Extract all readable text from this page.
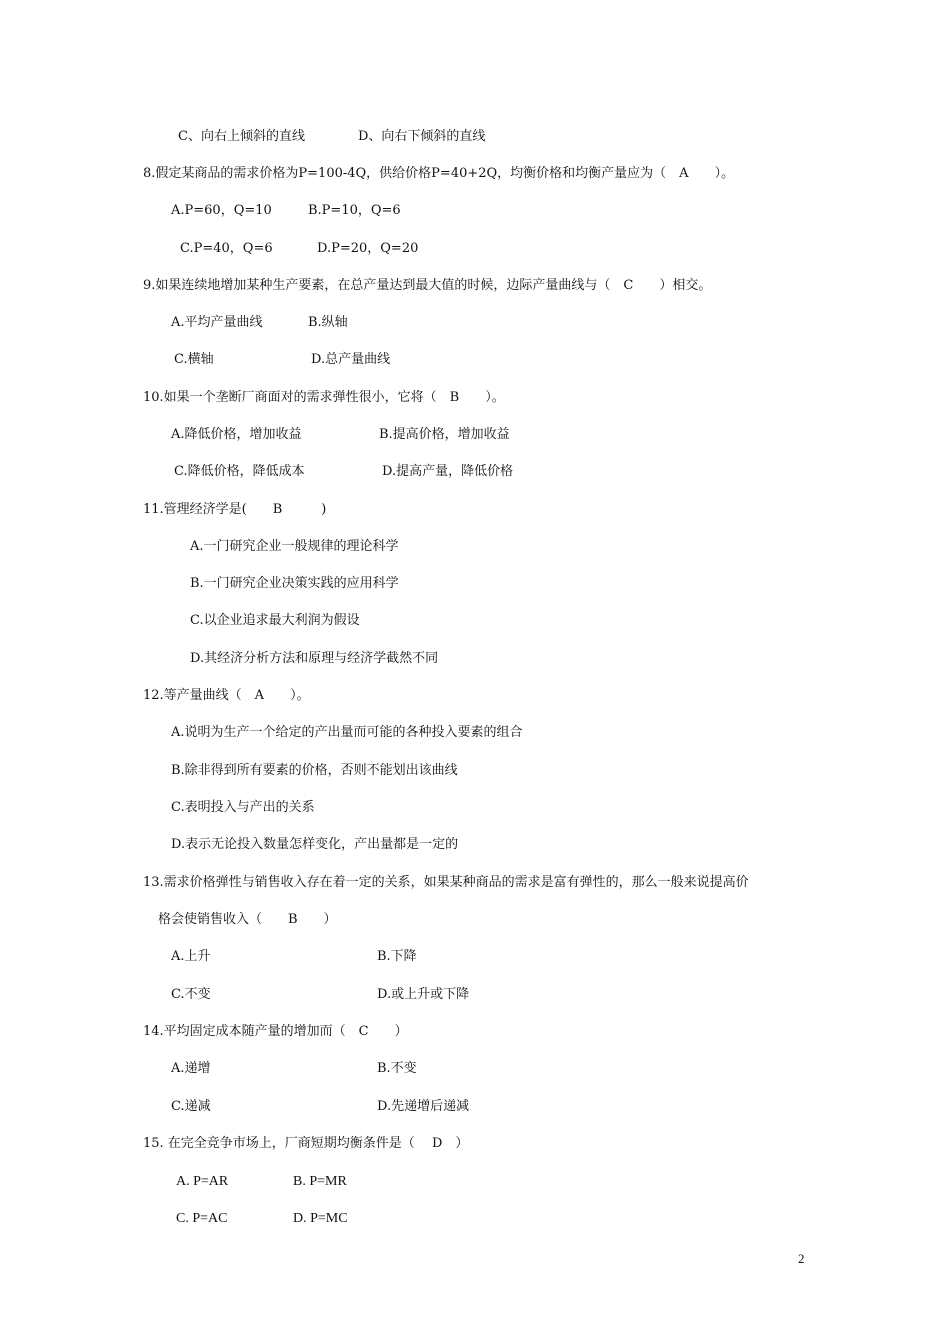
C、向右上倾斜的直线	D、向右下倾斜的直线
8.假定某商品的需求价格为P=100-4Q，供给价格P=40+2Q，均衡价格和均衡产量应为（　A　　）。
A.P=60，Q=10	B.P=10，Q=6
C.P=40，Q=6	D.P=20，Q=20
9.如果连续地增加某种生产要素，在总产量达到最大值的时候，边际产量曲线与（　C　　）相交。
A.平均产量曲线	B.纵轴
C.横轴	D.总产量曲线
10.如果一个垄断厂商面对的需求弹性很小，它将（　B　　）。
A.降低价格，增加收益	B.提高价格，增加收益
C.降低价格，降低成本	D.提高产量，降低价格
11.管理经济学是(　　B　　　)
A.一门研究企业一般规律的理论科学
B.一门研究企业决策实践的应用科学
C.以企业追求最大利润为假设
D.其经济分析方法和原理与经济学截然不同
12.等产量曲线（　A　　）。
A.说明为生产一个给定的产出量而可能的各种投入要素的组合
B.除非得到所有要素的价格，否则不能划出该曲线
C.表明投入与产出的关系
D.表示无论投入数量怎样变化，产出量都是一定的
13.需求价格弹性与销售收入存在着一定的关系，如果某种商品的需求是富有弹性的，那么一般来说提高价
格会使销售收入（　　B　　）
A.上升	B.下降
C.不变	D.或上升或下降
14.平均固定成本随产量的增加而（　C　　）
A.递增	B.不变
C.递减	D.先递增后递减
15. 在完全竞争市场上，厂商短期均衡条件是（　 D　）
A. P=AR	B. P=MR
C. P=AC	D. P=MC
2
